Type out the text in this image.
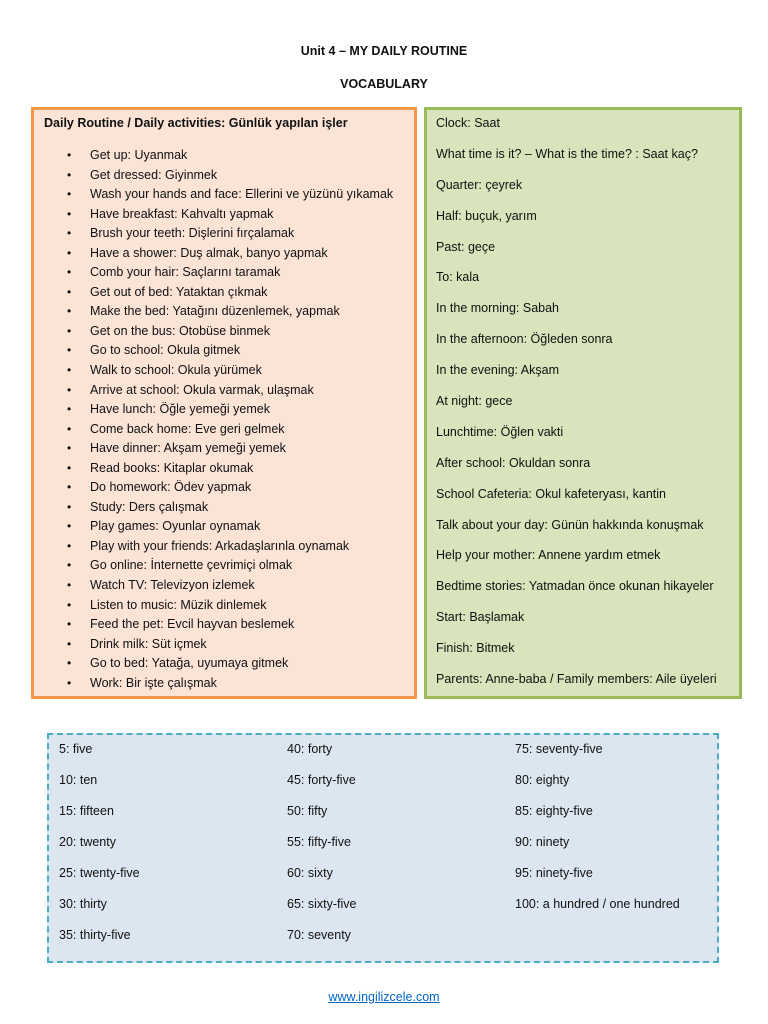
Unit 4 – MY DAILY ROUTINE
VOCABULARY
Daily Routine / Daily activities: Günlük yapılan işler
• Get up: Uyanmak
• Get dressed: Giyinmek
• Wash your hands and face: Ellerini ve yüzünü yıkamak
• Have breakfast: Kahvaltı yapmak
• Brush your teeth: Dişlerini fırçalamak
• Have a shower: Duş almak, banyo yapmak
• Comb your hair: Saçlarını taramak
• Get out of bed: Yataktan çıkmak
• Make the bed: Yatağını düzenlemek, yapmak
• Get on the bus: Otobüse binmek
• Go to school: Okula gitmek
• Walk to school: Okula yürümek
• Arrive at school: Okula varmak, ulaşmak
• Have lunch: Öğle yemeği yemek
• Come back home: Eve geri gelmek
• Have dinner: Akşam yemeği yemek
• Read books: Kitaplar okumak
• Do homework: Ödev yapmak
• Study: Ders çalışmak
• Play games: Oyunlar oynamak
• Play with your friends: Arkadaşlarınla oynamak
• Go online: İnternette çevrimiçi olmak
• Watch TV: Televizyon izlemek
• Listen to music: Müzik dinlemek
• Feed the pet: Evcil hayvan beslemek
• Drink milk: Süt içmek
• Go to bed: Yatağa, uyumaya gitmek
• Work: Bir işte çalışmak
Clock: Saat
What time is it? – What is the time? : Saat kaç?
Quarter: çeyrek
Half: buçuk, yarım
Past: geçe
To: kala
In the morning: Sabah
In the afternoon: Öğleden sonra
In the evening: Akşam
At night: gece
Lunchtime: Öğlen vakti
After school: Okuldan sonra
School Cafeteria: Okul kafeteryası, kantin
Talk about your day: Günün hakkında konuşmak
Help your mother: Annene yardım etmek
Bedtime stories: Yatmadan önce okunan hikayeler
Start: Başlamak
Finish: Bitmek
Parents: Anne-baba / Family members: Aile üyeleri
5: five
10: ten
15: fifteen
20: twenty
25: twenty-five
30: thirty
35: thirty-five
40: forty
45: forty-five
50: fifty
55: fifty-five
60: sixty
65: sixty-five
70: seventy
75: seventy-five
80: eighty
85: eighty-five
90: ninety
95: ninety-five
100: a hundred / one hundred
www.ingilizcele.com
